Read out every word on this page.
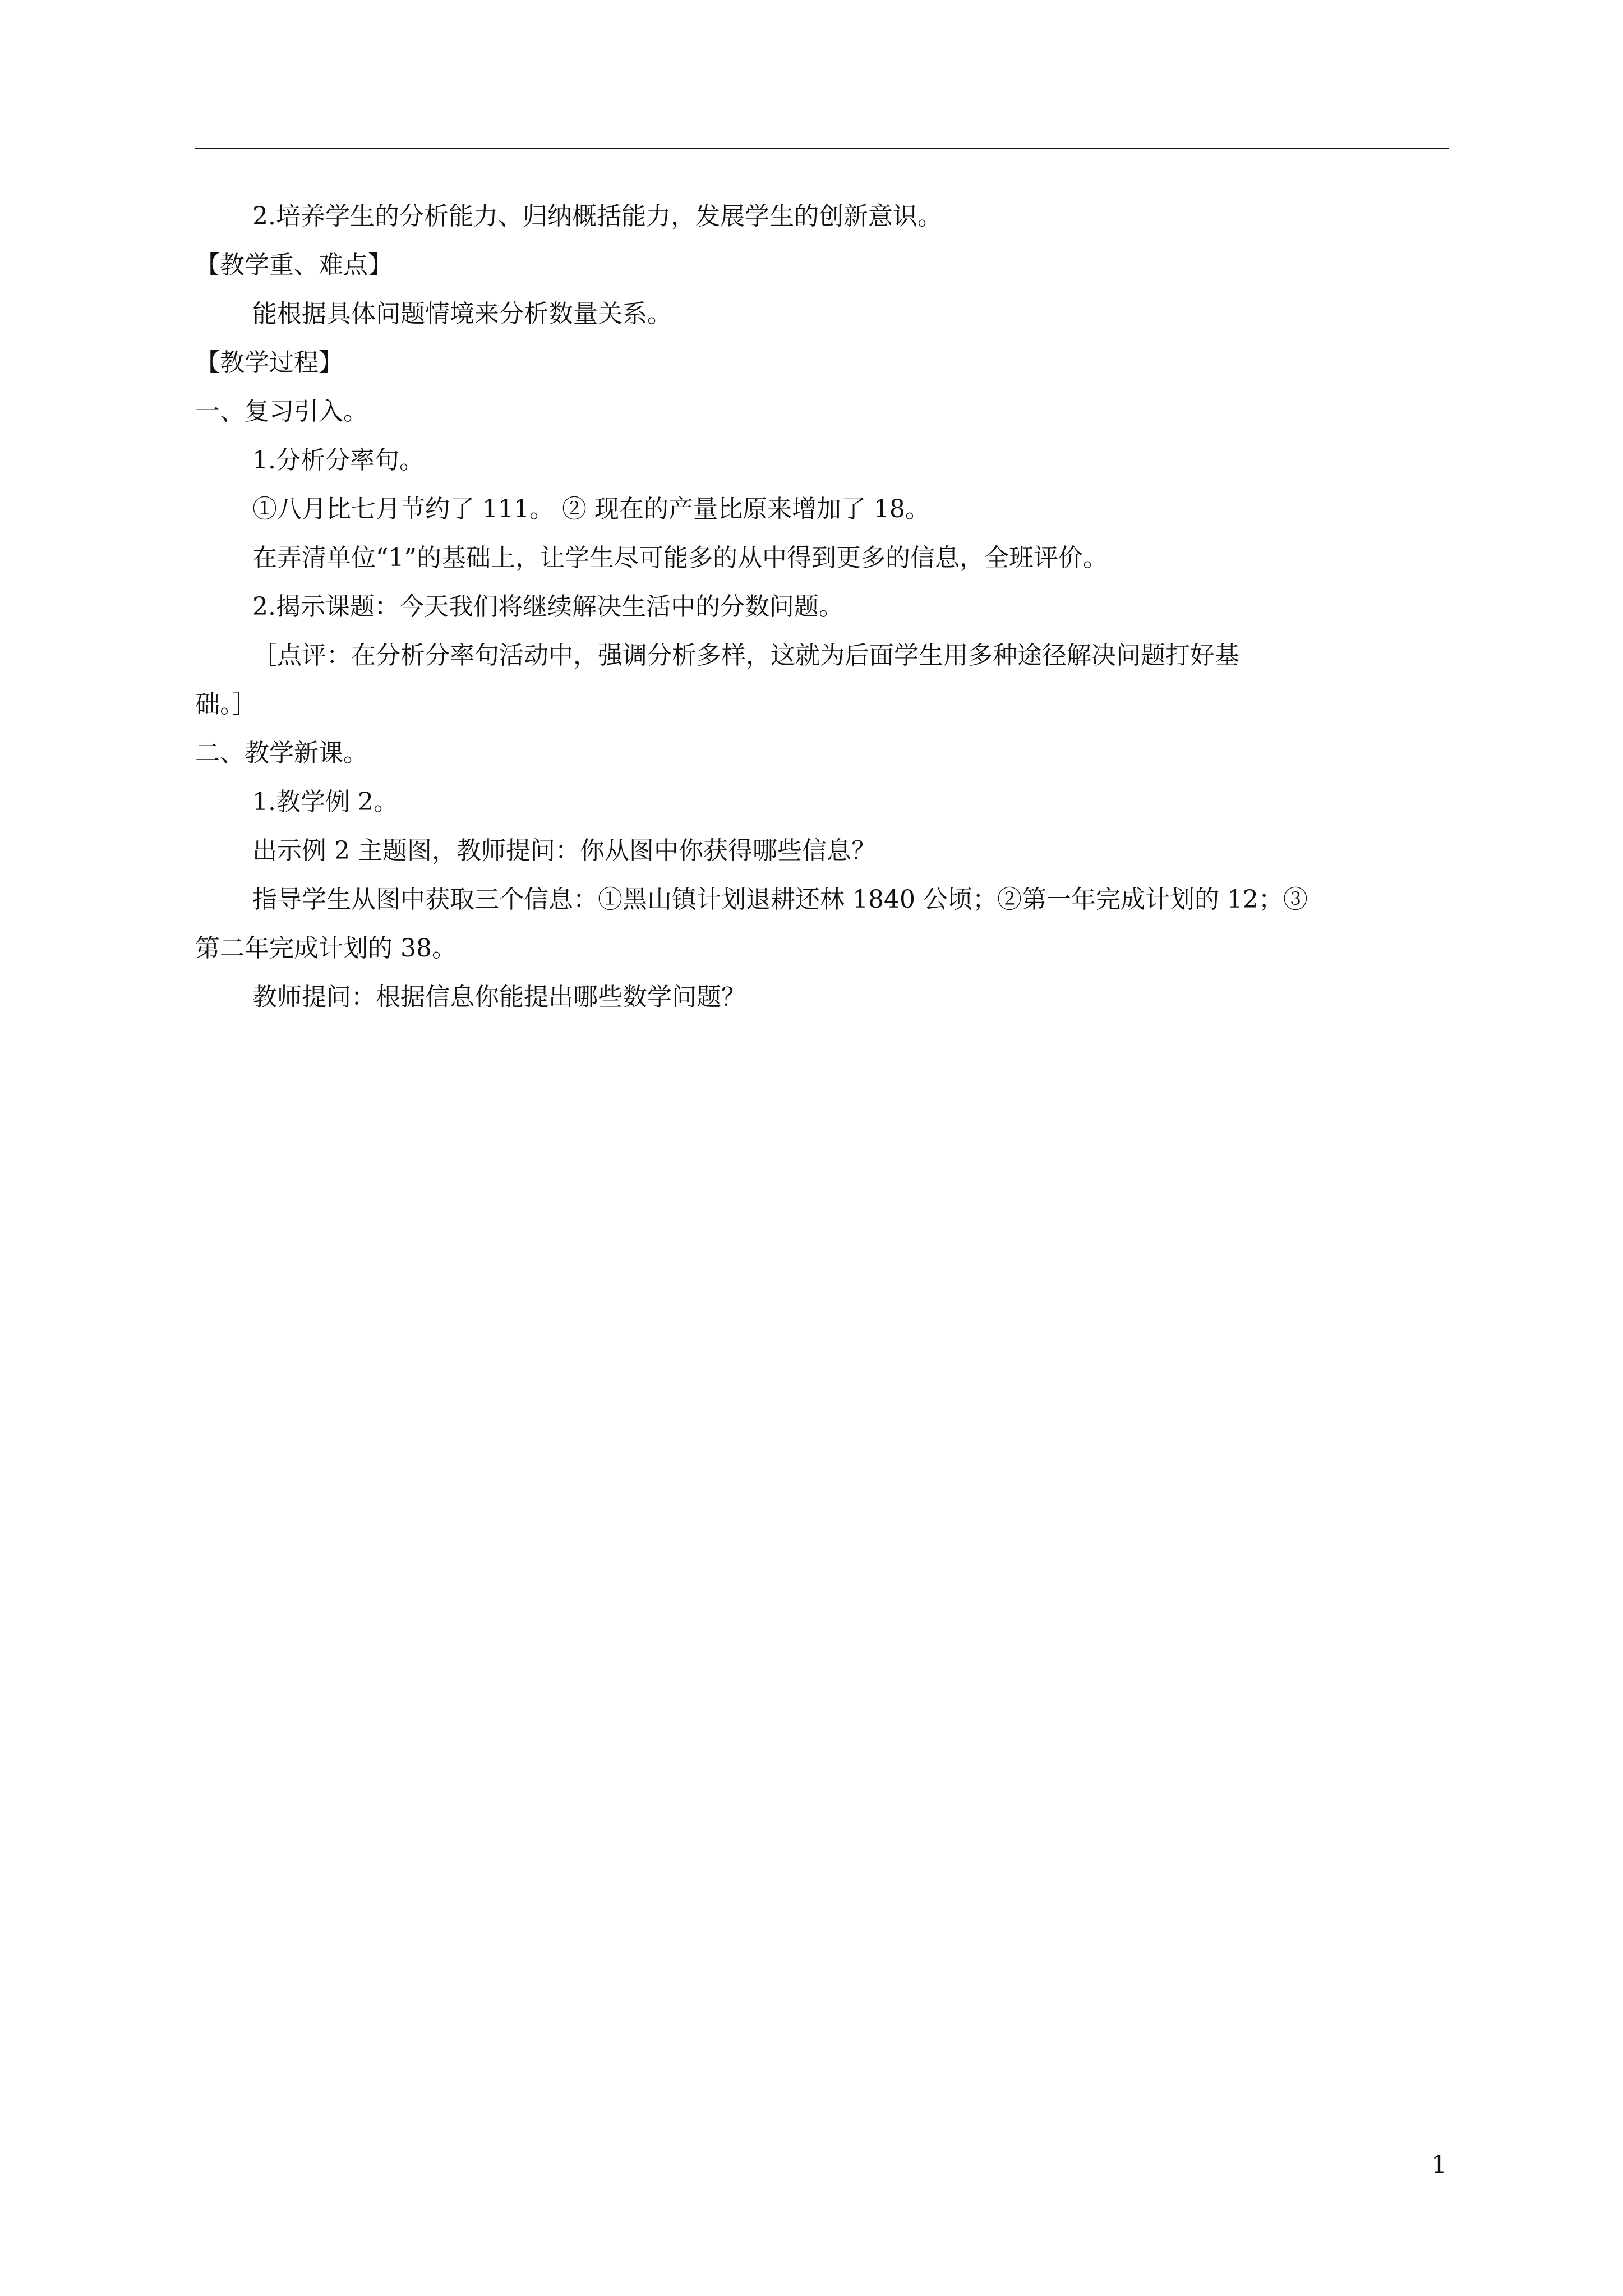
2.培养学生的分析能力、归纳概括能力，发展学生的创新意识。
【教学重、难点】
能根据具体问题情境来分析数量关系。
【教学过程】
一、复习引入。
1.分析分率句。
①八月比七月节约了 111。 ② 现在的产量比原来增加了 18。
在弄清单位“1”的基础上，让学生尽可能多的从中得到更多的信息，全班评价。
2.揭示课题：今天我们将继续解决生活中的分数问题。
［点评：在分析分率句活动中，强调分析多样，这就为后面学生用多种途径解决问题打好基
础。］
二、教学新课。
1.教学例 2。
出示例 2 主题图，教师提问：你从图中你获得哪些信息？
指导学生从图中获取三个信息：①黑山镇计划退耕还林 1840 公顷；②第一年完成计划的 12；③
第二年完成计划的 38。
教师提问：根据信息你能提出哪些数学问题？
1
